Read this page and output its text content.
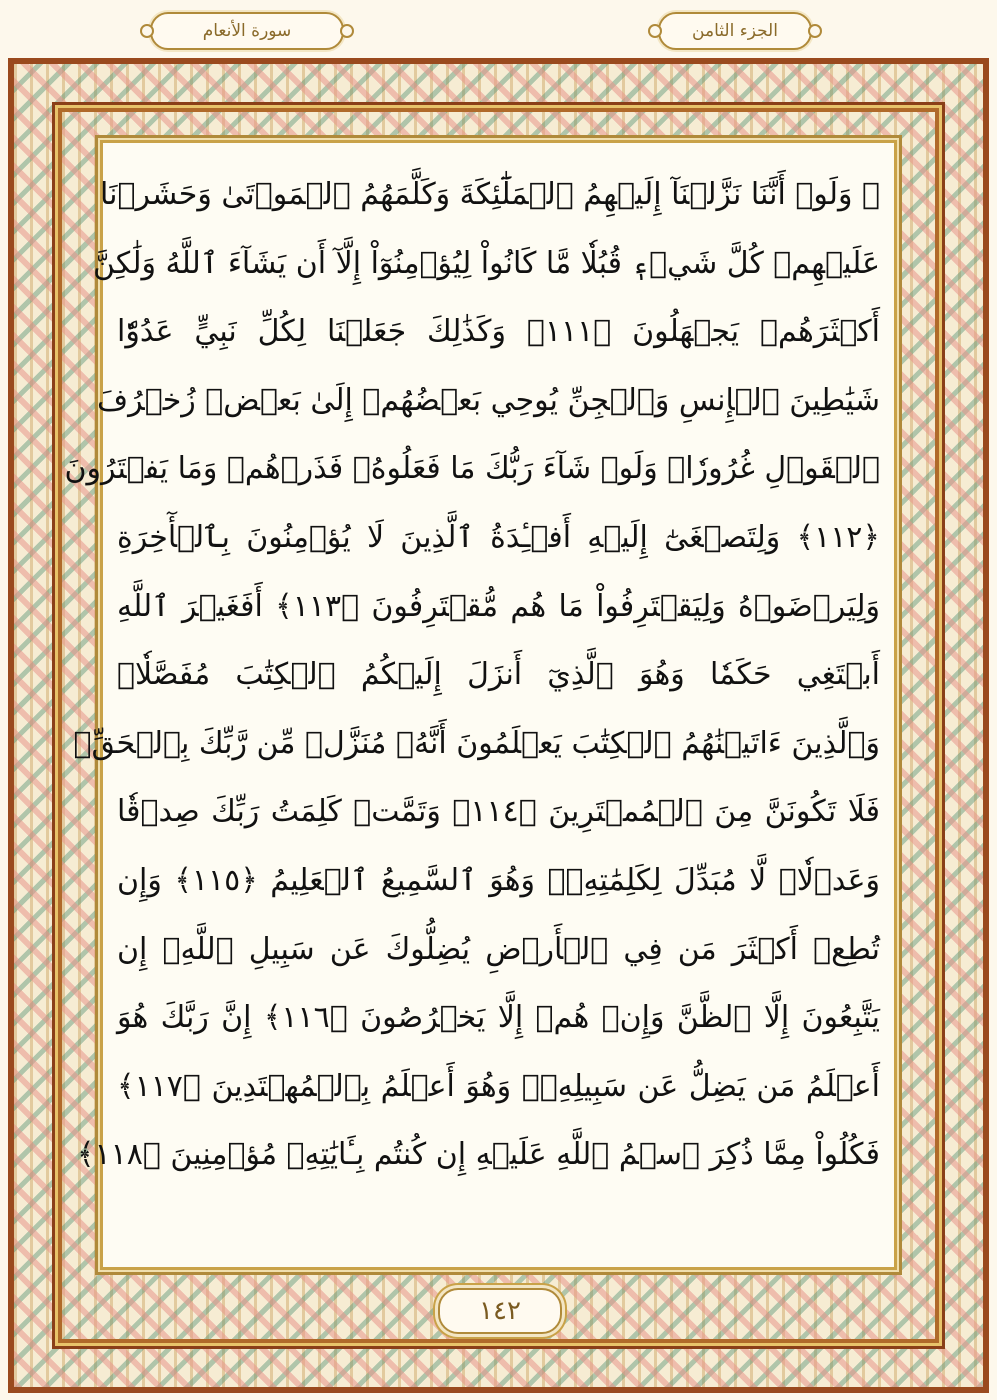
سورة الأنعام	الجزء الثامن
۞ وَلَوۡ أَنَّنَا نَزَّلۡنَآ إِلَيۡهِمُ ٱلۡمَلَٰٓئِكَةَ وَكَلَّمَهُمُ ٱلۡمَوۡتَىٰ وَحَشَرۡنَا
عَلَيۡهِمۡ كُلَّ شَيۡءٖ قُبُلٗا مَّا كَانُواْ لِيُؤۡمِنُوٓاْ إِلَّآ أَن يَشَآءَ ٱللَّهُ وَلَٰكِنَّ
أَكۡثَرَهُمۡ يَجۡهَلُونَ ﴿١١١﴾ وَكَذَٰلِكَ جَعَلۡنَا لِكُلِّ نَبِيٍّ عَدُوّٗا
شَيَٰطِينَ ٱلۡإِنسِ وَٱلۡجِنِّ يُوحِي بَعۡضُهُمۡ إِلَىٰ بَعۡضٖ زُخۡرُفَ
ٱلۡقَوۡلِ غُرُورٗاۚ وَلَوۡ شَآءَ رَبُّكَ مَا فَعَلُوهُۖ فَذَرۡهُمۡ وَمَا يَفۡتَرُونَ
﴿١١٢﴾ وَلِتَصۡغَىٰٓ إِلَيۡهِ أَفۡـِٔدَةُ ٱلَّذِينَ لَا يُؤۡمِنُونَ بِٱلۡأٓخِرَةِ
وَلِيَرۡضَوۡهُ وَلِيَقۡتَرِفُواْ مَا هُم مُّقۡتَرِفُونَ ﴿١١٣﴾ أَفَغَيۡرَ ٱللَّهِ
أَبۡتَغِي حَكَمٗا وَهُوَ ٱلَّذِيٓ أَنزَلَ إِلَيۡكُمُ ٱلۡكِتَٰبَ مُفَصَّلٗاۚ
وَٱلَّذِينَ ءَاتَيۡنَٰهُمُ ٱلۡكِتَٰبَ يَعۡلَمُونَ أَنَّهُۥ مُنَزَّلٞ مِّن رَّبِّكَ بِٱلۡحَقِّۖ
فَلَا تَكُونَنَّ مِنَ ٱلۡمُمۡتَرِينَ ﴿١١٤﴾ وَتَمَّتۡ كَلِمَتُ رَبِّكَ صِدۡقٗا
وَعَدۡلٗاۚ لَّا مُبَدِّلَ لِكَلِمَٰتِهِۦۚ وَهُوَ ٱلسَّمِيعُ ٱلۡعَلِيمُ ﴿١١٥﴾ وَإِن
تُطِعۡ أَكۡثَرَ مَن فِي ٱلۡأَرۡضِ يُضِلُّوكَ عَن سَبِيلِ ٱللَّهِۚ إِن
يَتَّبِعُونَ إِلَّا ٱلظَّنَّ وَإِنۡ هُمۡ إِلَّا يَخۡرُصُونَ ﴿١١٦﴾ إِنَّ رَبَّكَ هُوَ
أَعۡلَمُ مَن يَضِلُّ عَن سَبِيلِهِۦۖ وَهُوَ أَعۡلَمُ بِٱلۡمُهۡتَدِينَ ﴿١١٧﴾
فَكُلُواْ مِمَّا ذُكِرَ ٱسۡمُ ٱللَّهِ عَلَيۡهِ إِن كُنتُم بِـَٔايَٰتِهِۦ مُؤۡمِنِينَ ﴿١١٨﴾
١٤٢
